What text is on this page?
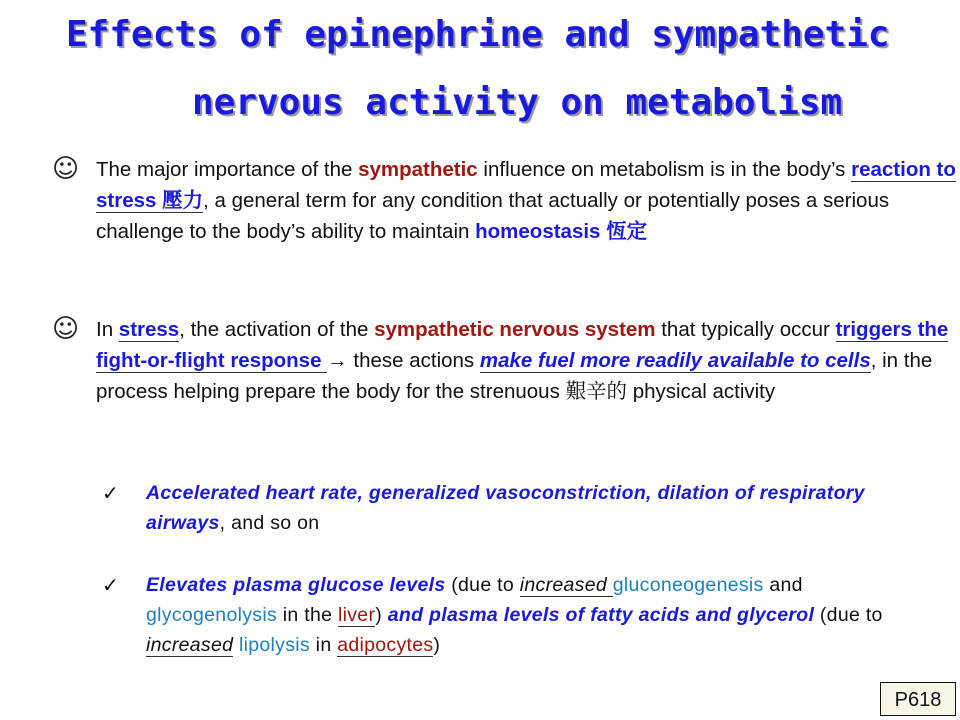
Effects of epinephrine and sympathetic
nervous activity on metabolism
☺ The major importance of the sympathetic influence on metabolism is in the body’s reaction to stress 壓力, a general term for any condition that actually or potentially poses a serious challenge to the body’s ability to maintain homeostasis 恆定
☺ In stress, the activation of the sympathetic nervous system that typically occur triggers the fight-or-flight response → these actions make fuel more readily available to cells, in the process helping prepare the body for the strenuous 艱辛的 physical activity
✓ Accelerated heart rate, generalized vasoconstriction, dilation of respiratory airways, and so on
✓ Elevates plasma glucose levels (due to increased gluconeogenesis and glycogenolysis in the liver) and plasma levels of fatty acids and glycerol (due to increased lipolysis in adipocytes)
P618
